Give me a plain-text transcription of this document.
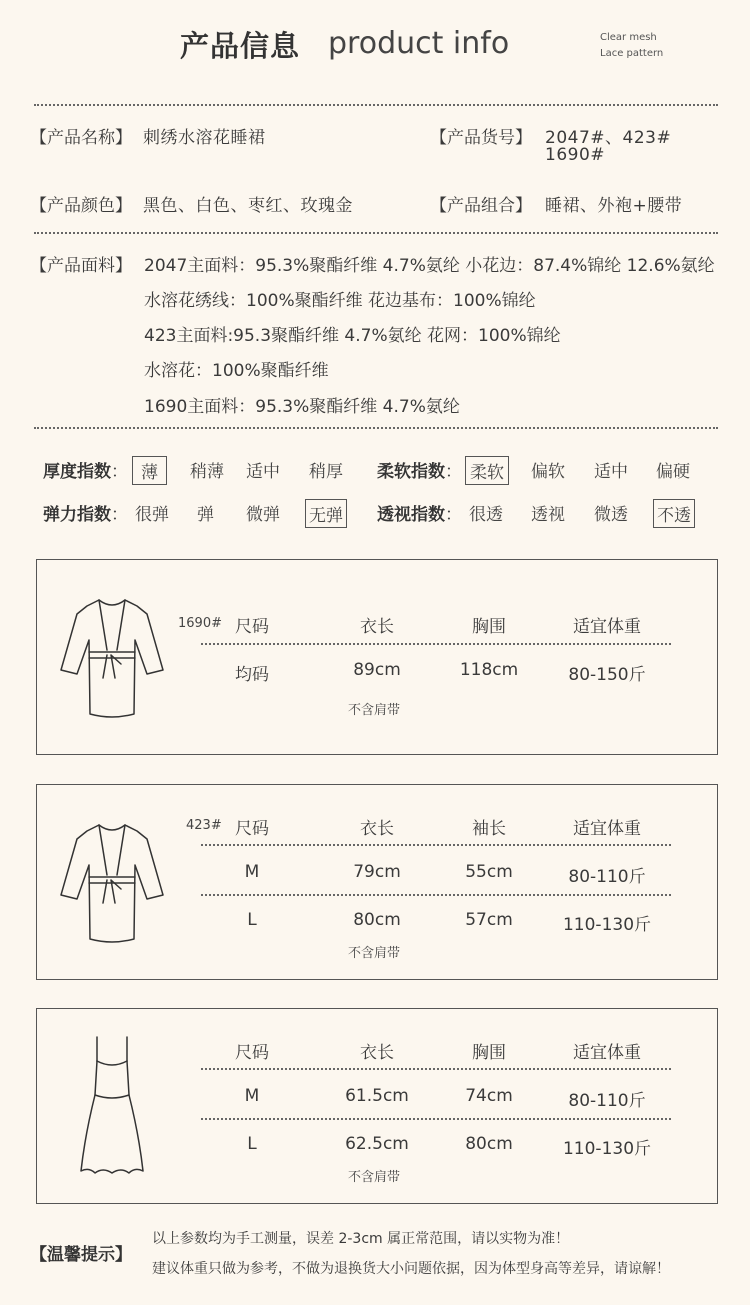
产品信息 product info	Clear mesh
Lace pattern
【产品名称】 刺绣水溶花睡裙	【产品货号】 2047#、423#
1690#
【产品颜色】 黑色、白色、枣红、玫瑰金	【产品组合】 睡裙、外袍+腰带
【产品面料】 2047主面料：95.3%聚酯纤维 4.7%氨纶 小花边：87.4%锦纶 12.6%氨纶
水溶花绣线：100%聚酯纤维 花边基布：100%锦纶
423主面料:95.3聚酯纤维 4.7%氨纶 花网：100%锦纶
水溶花：100%聚酯纤维
1690主面料：95.3%聚酯纤维 4.7%氨纶
厚度指数： 薄	稍薄 适中 稍厚 柔软指数： 柔软 偏软 适中 偏硬
弹力指数： 很弹 弹 微弹 无弹 透视指数： 很透 透视 微透 不透
1690# 尺码	衣长	胸围	适宜体重
均码	89cm	118cm	80-150斤
不含肩带
423# 尺码	衣长	袖长	适宜体重
M	79cm	55cm	80-110斤
L	80cm	57cm	110-130斤
不含肩带
尺码	衣长	胸围	适宜体重
M	61.5cm	74cm	80-110斤
L	62.5cm	80cm	110-130斤
不含肩带
【温馨提示】
以上参数均为手工测量，误差 2-3cm 属正常范围，请以实物为准！
建议体重只做为参考，不做为退换货大小问题依据，因为体型身高等差异，请谅解！
